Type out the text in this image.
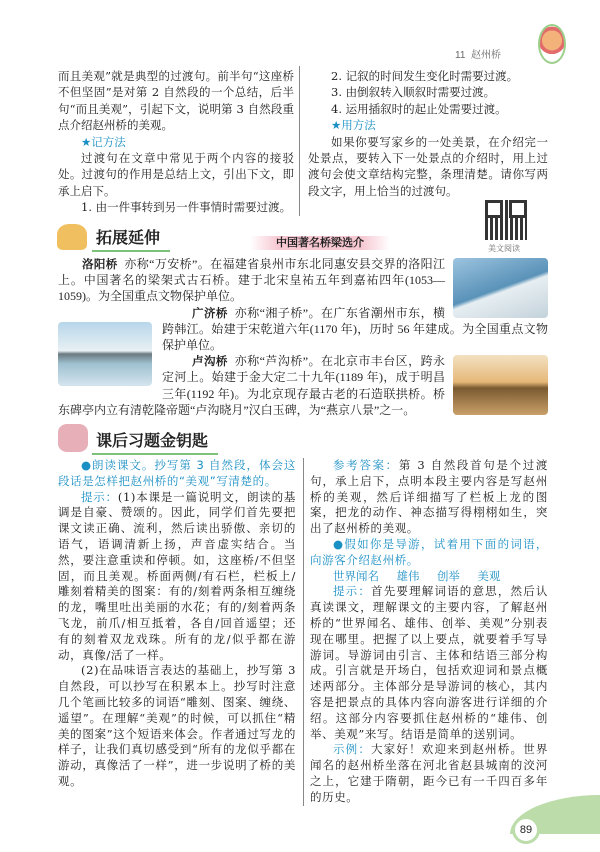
11 赵州桥

而且美观”就是典型的过渡句。前半句“这座桥不但坚固”是对第 2 自然段的一个总结，后半句“而且美观”，引起下文，说明第 3 自然段重点介绍赵州桥的美观。

★记方法

过渡句在文章中常见于两个内容的接驳处。过渡句的作用是总结上文，引出下文，即承上启下。

1. 由一件事转到另一件事情时需要过渡。

2. 记叙的时间发生变化时需要过渡。

3. 由倒叙转入顺叙时需要过渡。

4. 运用插叙时的起止处需要过渡。

★用方法

如果你要写家乡的一处美景，在介绍完一处景点，要转入下一处景点的介绍时，用上过渡句会使文章结构完整，条理清楚。请你写两段文字，用上恰当的过渡句。

美文阅读
拓展延伸	中国著名桥梁选介

洛阳桥 亦称“万安桥”。在福建省泉州市东北同惠安县交界的洛阳江上。中国著名的梁架式古石桥。建于北宋皇祐五年到嘉祐四年(1053—1059)。为全国重点文物保护单位。

广济桥 亦称“湘子桥”。在广东省潮州市东，横跨韩江。始建于宋乾道六年(1170 年)，历时 56 年建成。为全国重点文物保护单位。

卢沟桥 亦称“芦沟桥”。在北京市丰台区，跨永定河上。始建于金大定二十九年(1189 年)，成于明昌三年(1192 年)。为北京现存最古老的石造联拱桥。桥东碑亭内立有清乾隆帝题“卢沟晓月”汉白玉碑，为“燕京八景”之一。

课后习题金钥匙

●朗读课文。抄写第 3 自然段，体会这段话是怎样把赵州桥的“美观”写清楚的。

提示：(1)本课是一篇说明文，朗读的基调是自豪、赞颂的。因此，同学们首先要把课文读正确、流利，然后读出骄傲、亲切的语气，语调清新上扬，声音虚实结合。当然，要注意重读和停顿。如，这座桥/不但坚固，而且美观。桥面两侧/有石栏，栏板上/雕刻着精美的图案：有的/刻着两条相互缠绕的龙，嘴里吐出美丽的水花；有的/刻着两条飞龙，前爪/相互抵着，各自/回首遥望；还有的刻着双龙戏珠。所有的龙/似乎都在游动，真像/活了一样。

(2)在品味语言表达的基础上，抄写第 3 自然段，可以抄写在积累本上。抄写时注意几个笔画比较多的词语“雕刻、图案、缠绕、遥望”。在理解“美观”的时候，可以抓住“精美的图案”这个短语来体会。作者通过写龙的样子，让我们真切感受到“所有的龙似乎都在游动，真像活了一样”，进一步说明了桥的美观。

参考答案：第 3 自然段首句是个过渡句，承上启下，点明本段主要内容是写赵州桥的美观，然后详细描写了栏板上龙的图案，把龙的动作、神态描写得栩栩如生，突出了赵州桥的美观。

●假如你是导游，试着用下面的词语，向游客介绍赵州桥。

世界闻名 雄伟 创举 美观

提示：首先要理解词语的意思，然后认真读课文，理解课文的主要内容，了解赵州桥的“世界闻名、雄伟、创举、美观”分别表现在哪里。把握了以上要点，就要着手写导游词。导游词由引言、主体和结语三部分构成。引言就是开场白，包括欢迎词和景点概述两部分。主体部分是导游词的核心，其内容是把景点的具体内容向游客进行详细的介绍。这部分内容要抓住赵州桥的“雄伟、创举、美观”来写。结语是简单的送别词。

示例：大家好！欢迎来到赵州桥。世界闻名的赵州桥坐落在河北省赵县城南的洨河之上，它建于隋朝，距今已有一千四百多年的历史。

89
